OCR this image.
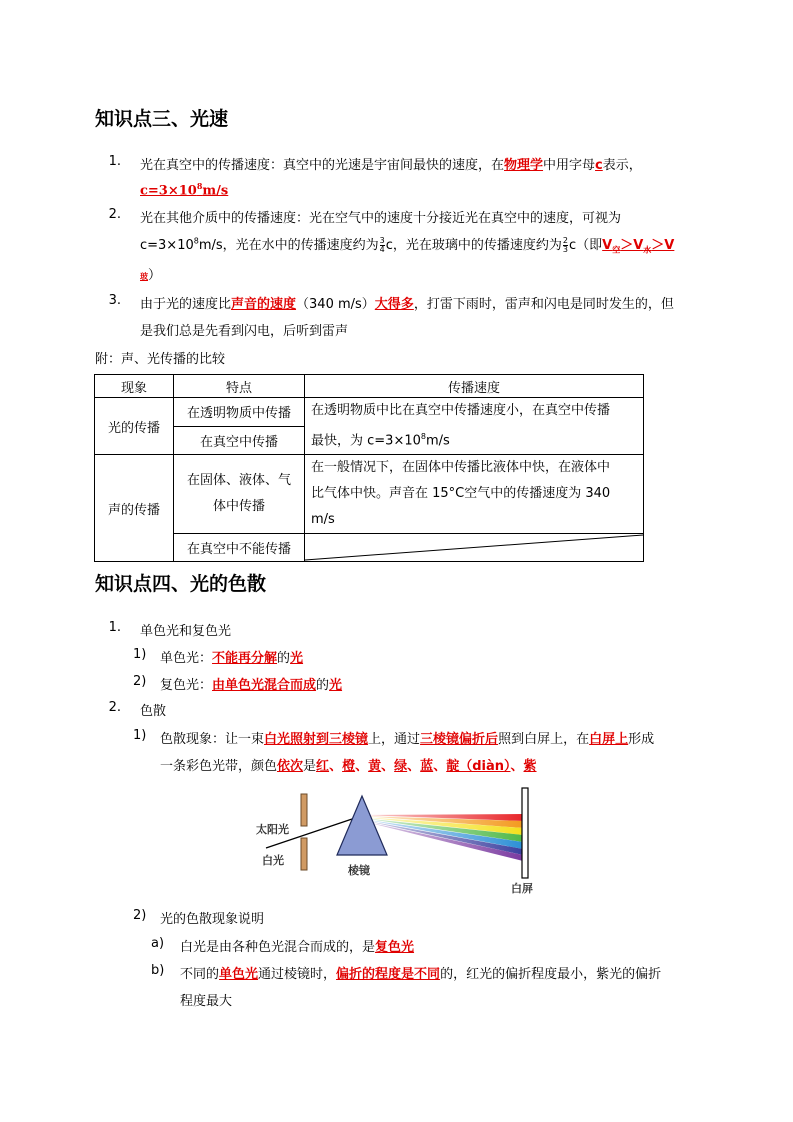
知识点三、光速
1. 光在真空中的传播速度：真空中的光速是宇宙间最快的速度，在物理学中用字母c表示，
$c=3\times 10^8m/s$
2. 光在其他介质中的传播速度：光在空气中的速度十分接近光在真空中的速度，可视为
$c=3\times 10^8m/s$，光在水中的传播速度约为 $\frac{3}{4}$ c，光在玻璃中的传播速度约为 $\frac{2}{3} c$（即$V_空>V_水>V$
玻）
3. 由于光的速度比声音的速度（340 m/s）大得多，打雷下雨时，雷声和闪电是同时发生的，但
是我们总是先看到闪电，后听到雷声
附：声、光传播的比较
现象	特点	传播速度
光的传播	在透明物质中传播	在透明物质中比在真空中传播速度小，在真空中传播
最快，为 $c=3\times 10^8m/s$
	在真空中传播	
声的传播	在固体、液体、气
体中传播	在一般情况下，在固体中传播比液体中快，在液体中
比气体中快。声音在 15°C空气中的传播速度为 340 m/s
	在真空中不能传播	
知识点四、光的色散
1. 单色光和复色光
1) 单色光：不能再分解的光
2) 复色光：由单色光混合而成的光
2. 色散
1) 色散现象：让一束白光照射到三棱镜上，通过三棱镜偏折后照到白屏上，在白屏上形成
一条彩色光带，颜色依次是红、橙、黄、绿、蓝、靛（diàn）、紫
太阳光
白光
棱镜
白屏
2) 光的色散现象说明
a) 白光是由各种色光混合而成的，是复色光
b) 不同的单色光通过棱镜时，偏折的程度是不同的，红光的偏折程度最小，紫光的偏折
程度最大
